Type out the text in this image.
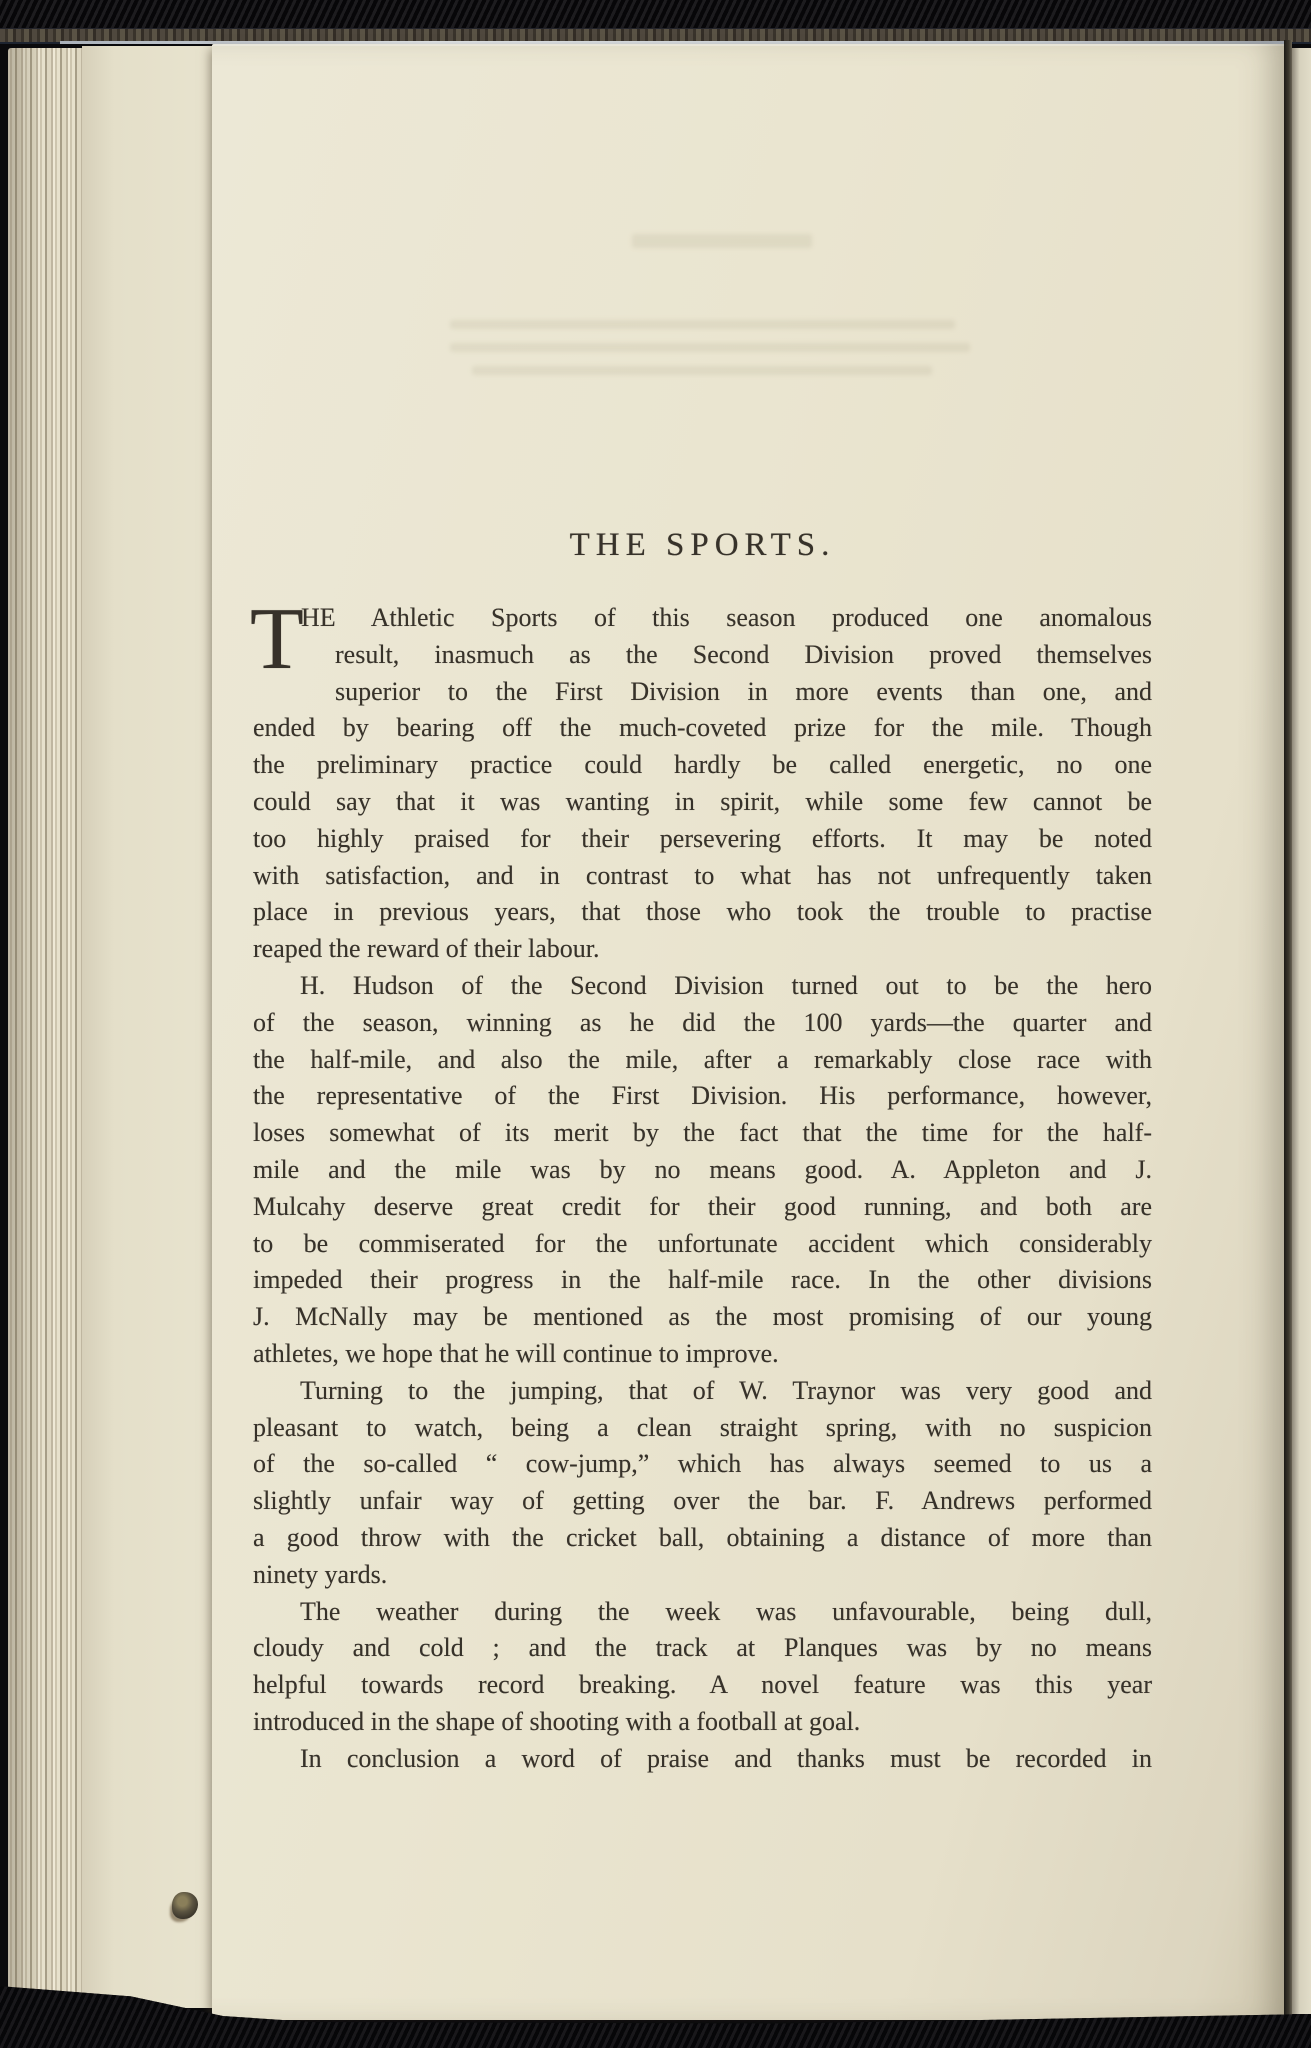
THE SPORTS.
T
HE Athletic Sports of this season produced one anomalous
result, inasmuch as the Second Division proved themselves
superior to the First Division in more events than one, and
ended by bearing off the much-coveted prize for the mile. Though
the preliminary practice could hardly be called energetic, no one
could say that it was wanting in spirit, while some few cannot be
too highly praised for their persevering efforts. It may be noted
with satisfaction, and in contrast to what has not unfrequently taken
place in previous years, that those who took the trouble to practise
reaped the reward of their labour.
H. Hudson of the Second Division turned out to be the hero
of the season, winning as he did the 100 yards—the quarter and
the half-mile, and also the mile, after a remarkably close race with
the representative of the First Division. His performance, however,
loses somewhat of its merit by the fact that the time for the half-
mile and the mile was by no means good. A. Appleton and J.
Mulcahy deserve great credit for their good running, and both are
to be commiserated for the unfortunate accident which considerably
impeded their progress in the half-mile race. In the other divisions
J. McNally may be mentioned as the most promising of our young
athletes, we hope that he will continue to improve.
Turning to the jumping, that of W. Traynor was very good and
pleasant to watch, being a clean straight spring, with no suspicion
of the so-called “ cow-jump,” which has always seemed to us a
slightly unfair way of getting over the bar. F. Andrews performed
a good throw with the cricket ball, obtaining a distance of more than
ninety yards.
The weather during the week was unfavourable, being dull,
cloudy and cold ; and the track at Planques was by no means
helpful towards record breaking. A novel feature was this year
introduced in the shape of shooting with a football at goal.
In conclusion a word of praise and thanks must be recorded in
